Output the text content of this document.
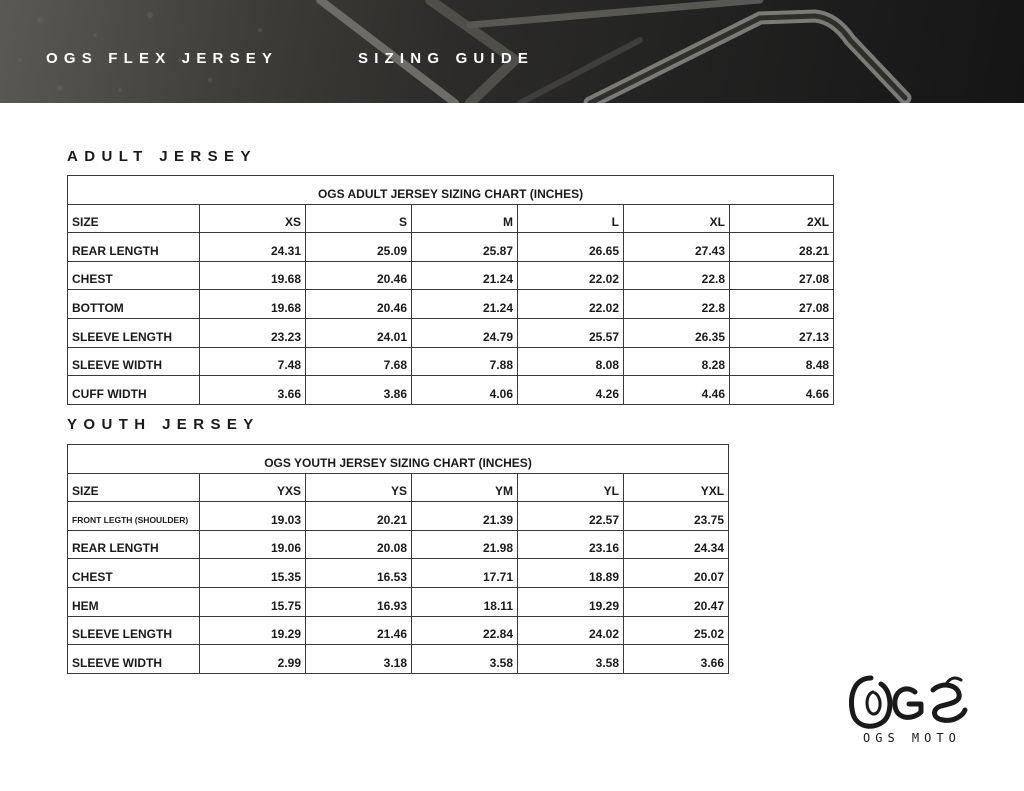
OGS FLEX JERSEY	SIZING GUIDE
ADULT JERSEY
OGS ADULT JERSEY SIZING CHART (INCHES)						
SIZE	XS	S	M	L	XL	2XL
REAR LENGTH	24.31	25.09	25.87	26.65	27.43	28.21
CHEST	19.68	20.46	21.24	22.02	22.8	27.08
BOTTOM	19.68	20.46	21.24	22.02	22.8	27.08
SLEEVE LENGTH	23.23	24.01	24.79	25.57	26.35	27.13
SLEEVE WIDTH	7.48	7.68	7.88	8.08	8.28	8.48
CUFF WIDTH	3.66	3.86	4.06	4.26	4.46	4.66
YOUTH JERSEY
OGS YOUTH JERSEY SIZING CHART (INCHES)					
SIZE	YXS	YS	YM	YL	YXL
FRONT LEGTH (SHOULDER)	19.03	20.21	21.39	22.57	23.75
REAR LENGTH	19.06	20.08	21.98	23.16	24.34
CHEST	15.35	16.53	17.71	18.89	20.07
HEM	15.75	16.93	18.11	19.29	20.47
SLEEVE LENGTH	19.29	21.46	22.84	24.02	25.02
SLEEVE WIDTH	2.99	3.18	3.58	3.58	3.66
OGS MOTO
